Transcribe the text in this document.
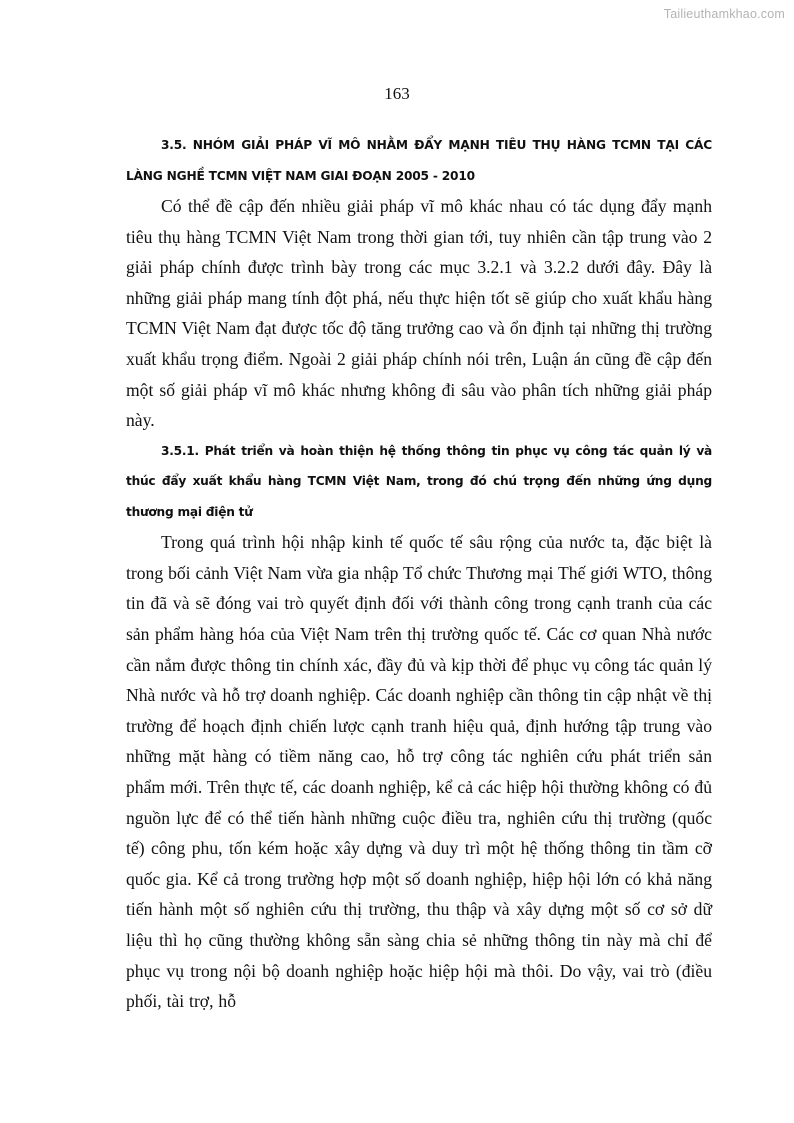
Tailieuthamkhao.com
163

3.5. NHÓM GIẢI PHÁP VĨ MÔ NHẰM ĐẨY MẠNH TIÊU THỤ HÀNG TCMN TẠI CÁC LÀNG NGHỀ TCMN VIỆT NAM GIAI ĐOẠN 2005 - 2010

Có thể đề cập đến nhiều giải pháp vĩ mô khác nhau có tác dụng đẩy mạnh tiêu thụ hàng TCMN Việt Nam trong thời gian tới, tuy nhiên cần tập trung vào 2 giải pháp chính được trình bày trong các mục 3.2.1 và 3.2.2 dưới đây. Đây là những giải pháp mang tính đột phá, nếu thực hiện tốt sẽ giúp cho xuất khẩu hàng TCMN Việt Nam đạt được tốc độ tăng trưởng cao và ổn định tại những thị trường xuất khẩu trọng điểm. Ngoài 2 giải pháp chính nói trên, Luận án cũng đề cập đến một số giải pháp vĩ mô khác nhưng không đi sâu vào phân tích những giải pháp này.

3.5.1. Phát triển và hoàn thiện hệ thống thông tin phục vụ công tác quản lý và thúc đẩy xuất khẩu hàng TCMN Việt Nam, trong đó chú trọng đến những ứng dụng thương mại điện tử

Trong quá trình hội nhập kinh tế quốc tế sâu rộng của nước ta, đặc biệt là trong bối cảnh Việt Nam vừa gia nhập Tổ chức Thương mại Thế giới WTO, thông tin đã và sẽ đóng vai trò quyết định đối với thành công trong cạnh tranh của các sản phẩm hàng hóa của Việt Nam trên thị trường quốc tế. Các cơ quan Nhà nước cần nắm được thông tin chính xác, đầy đủ và kịp thời để phục vụ công tác quản lý Nhà nước và hỗ trợ doanh nghiệp. Các doanh nghiệp cần thông tin cập nhật về thị trường để hoạch định chiến lược cạnh tranh hiệu quả, định hướng tập trung vào những mặt hàng có tiềm năng cao, hỗ trợ công tác nghiên cứu phát triển sản phẩm mới. Trên thực tế, các doanh nghiệp, kể cả các hiệp hội thường không có đủ nguồn lực để có thể tiến hành những cuộc điều tra, nghiên cứu thị trường (quốc tế) công phu, tốn kém hoặc xây dựng và duy trì một hệ thống thông tin tầm cỡ quốc gia. Kể cả trong trường hợp một số doanh nghiệp, hiệp hội lớn có khả năng tiến hành một số nghiên cứu thị trường, thu thập và xây dựng một số cơ sở dữ liệu thì họ cũng thường không sẵn sàng chia sẻ những thông tin này mà chỉ để phục vụ trong nội bộ doanh nghiệp hoặc hiệp hội mà thôi. Do vậy, vai trò (điều phối, tài trợ, hỗ
